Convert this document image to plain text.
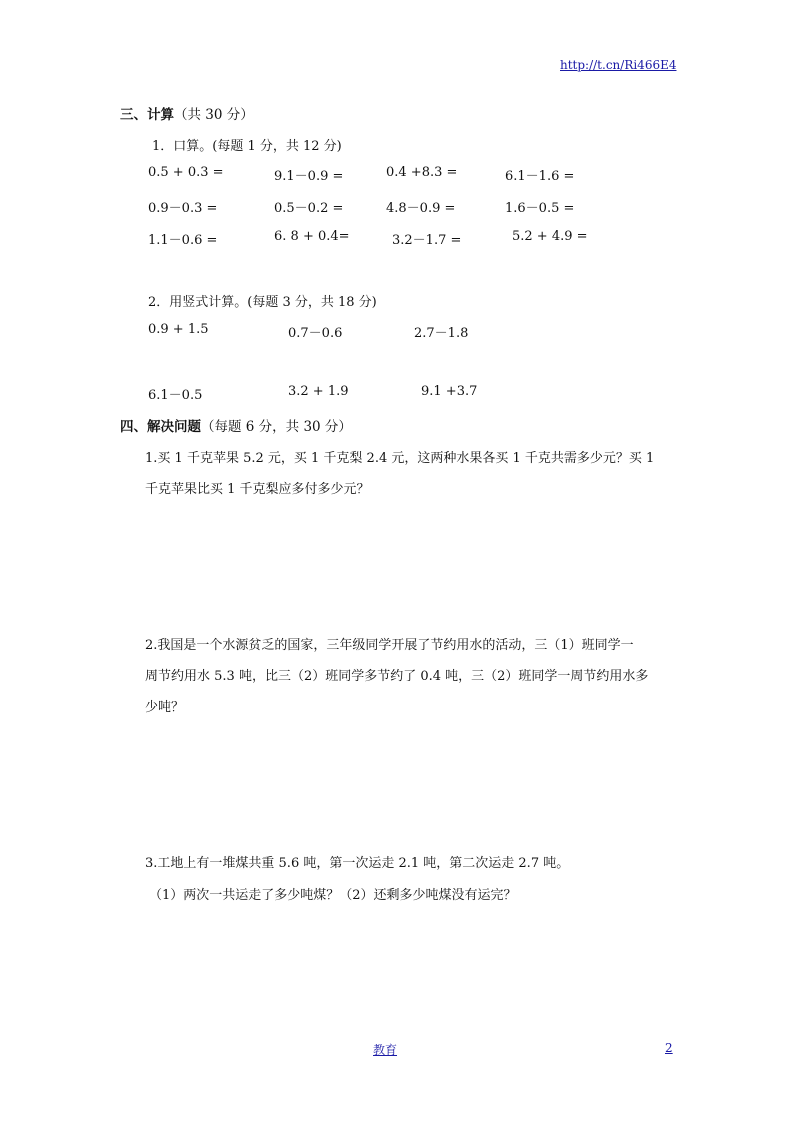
http://t.cn/Ri466E4
三、计算（共 30 分）
1．口算。(每题 1 分，共 12 分)
0.5 + 0.3 =	9.1－0.9 =	0.4 +8.3 =	6.1－1.6 =
0.9－0.3 =	0.5－0.2 =	4.8－0.9 =	1.6－0.5 =
1.1－0.6 =	6. 8 + 0.4=	3.2－1.7 =	5.2 + 4.9 =
2．用竖式计算。(每题 3 分，共 18 分)
0.9 + 1.5	0.7－0.6	2.7－1.8
6.1－0.5	3.2 + 1.9	9.1 +3.7
四、解决问题（每题 6 分，共 30 分）
1.买 1 千克苹果 5.2 元，买 1 千克梨 2.4 元，这两种水果各买 1 千克共需多少元？买 1
千克苹果比买 1 千克梨应多付多少元？
2.我国是一个水源贫乏的国家，三年级同学开展了节约用水的活动，三（1）班同学一
周节约用水 5.3 吨，比三（2）班同学多节约了 0.4 吨，三（2）班同学一周节约用水多
少吨？
3.工地上有一堆煤共重 5.6 吨，第一次运走 2.1 吨，第二次运走 2.7 吨。
（1）两次一共运走了多少吨煤？（2）还剩多少吨煤没有运完？
教育	2
